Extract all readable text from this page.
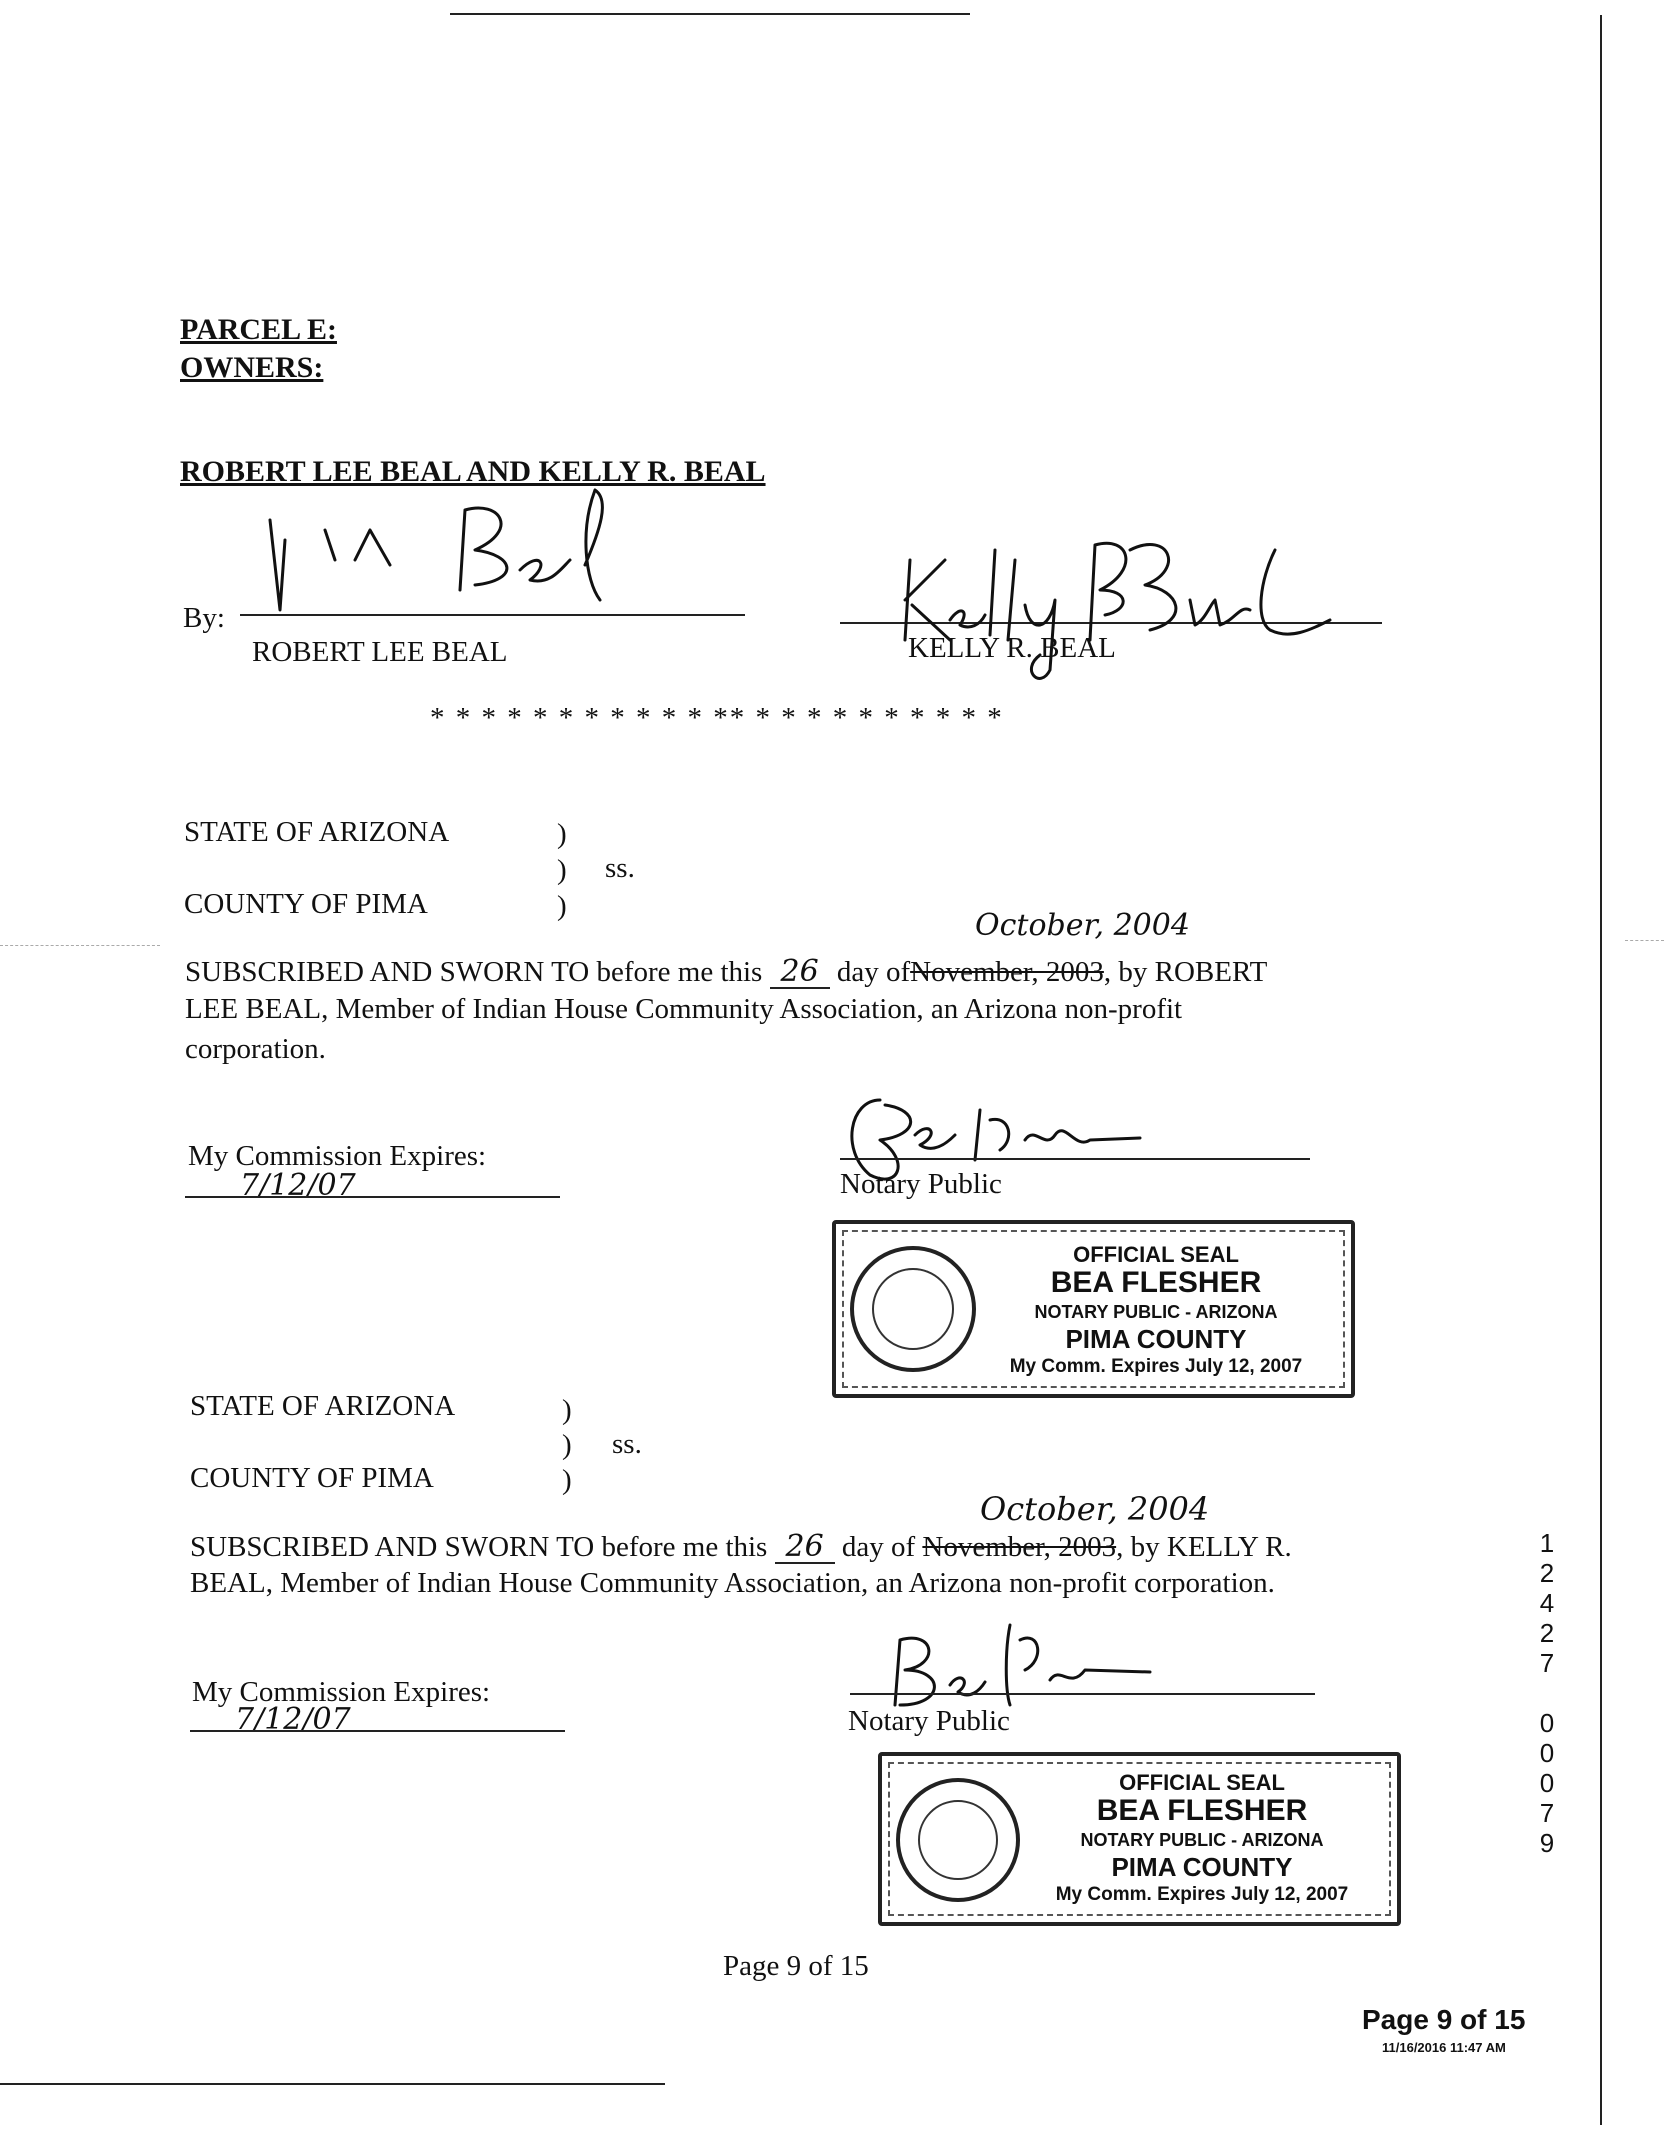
PARCEL E:
OWNERS:
ROBERT LEE BEAL AND KELLY R. BEAL
By:
ROBERT LEE BEAL	KELLY R. BEAL
* * * * * * * * * * * ** * * * * * * * * * *
STATE OF ARIZONA	)
) ss.
COUNTY OF PIMA	)
October, 2004
SUBSCRIBED AND SWORN TO before me this 26 day ofNovember, 2003, by ROBERT
LEE BEAL, Member of Indian House Community Association, an Arizona non-profit
corporation.
My Commission Expires:
7/12/07	Notary Public
OFFICIAL SEAL
BEA FLESHER
NOTARY PUBLIC - ARIZONA
PIMA COUNTY
My Comm. Expires July 12, 2007
STATE OF ARIZONA	)
) ss.
COUNTY OF PIMA	)
October, 2004
SUBSCRIBED AND SWORN TO before me this 26 day of November, 2003, by KELLY R.
BEAL, Member of Indian House Community Association, an Arizona non-profit corporation.
My Commission Expires:
7/12/07	Notary Public
OFFICIAL SEAL
BEA FLESHER
NOTARY PUBLIC - ARIZONA
PIMA COUNTY
My Comm. Expires July 12, 2007
12427 00079
Page 9 of 15
Page 9 of 15
11/16/2016 11:47 AM
